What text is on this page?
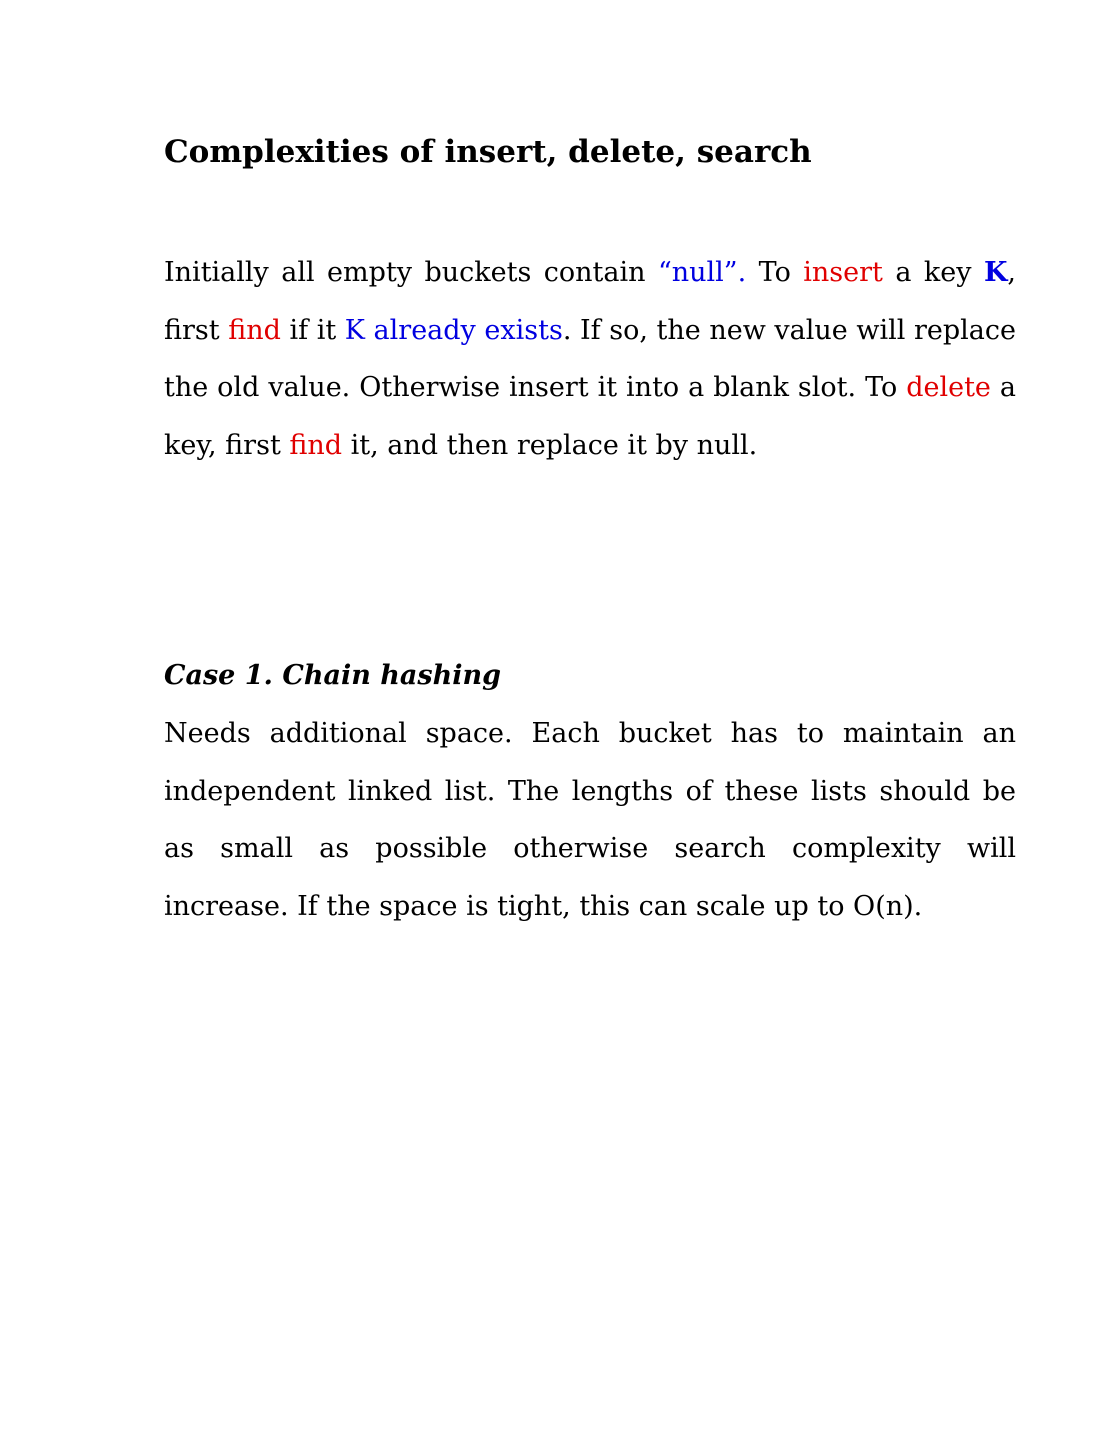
Complexities of insert, delete, search

Initially all empty buckets contain “null”. To insert a key K, first find if it K already exists. If so, the new value will replace the old value. Otherwise insert it into a blank slot. To delete a key, first find it, and then replace it by null.

Case 1. Chain hashing

Needs additional space. Each bucket has to maintain an independent linked list. The lengths of these lists should be as small as possible otherwise search complexity will increase. If the space is tight, this can scale up to O(n).
